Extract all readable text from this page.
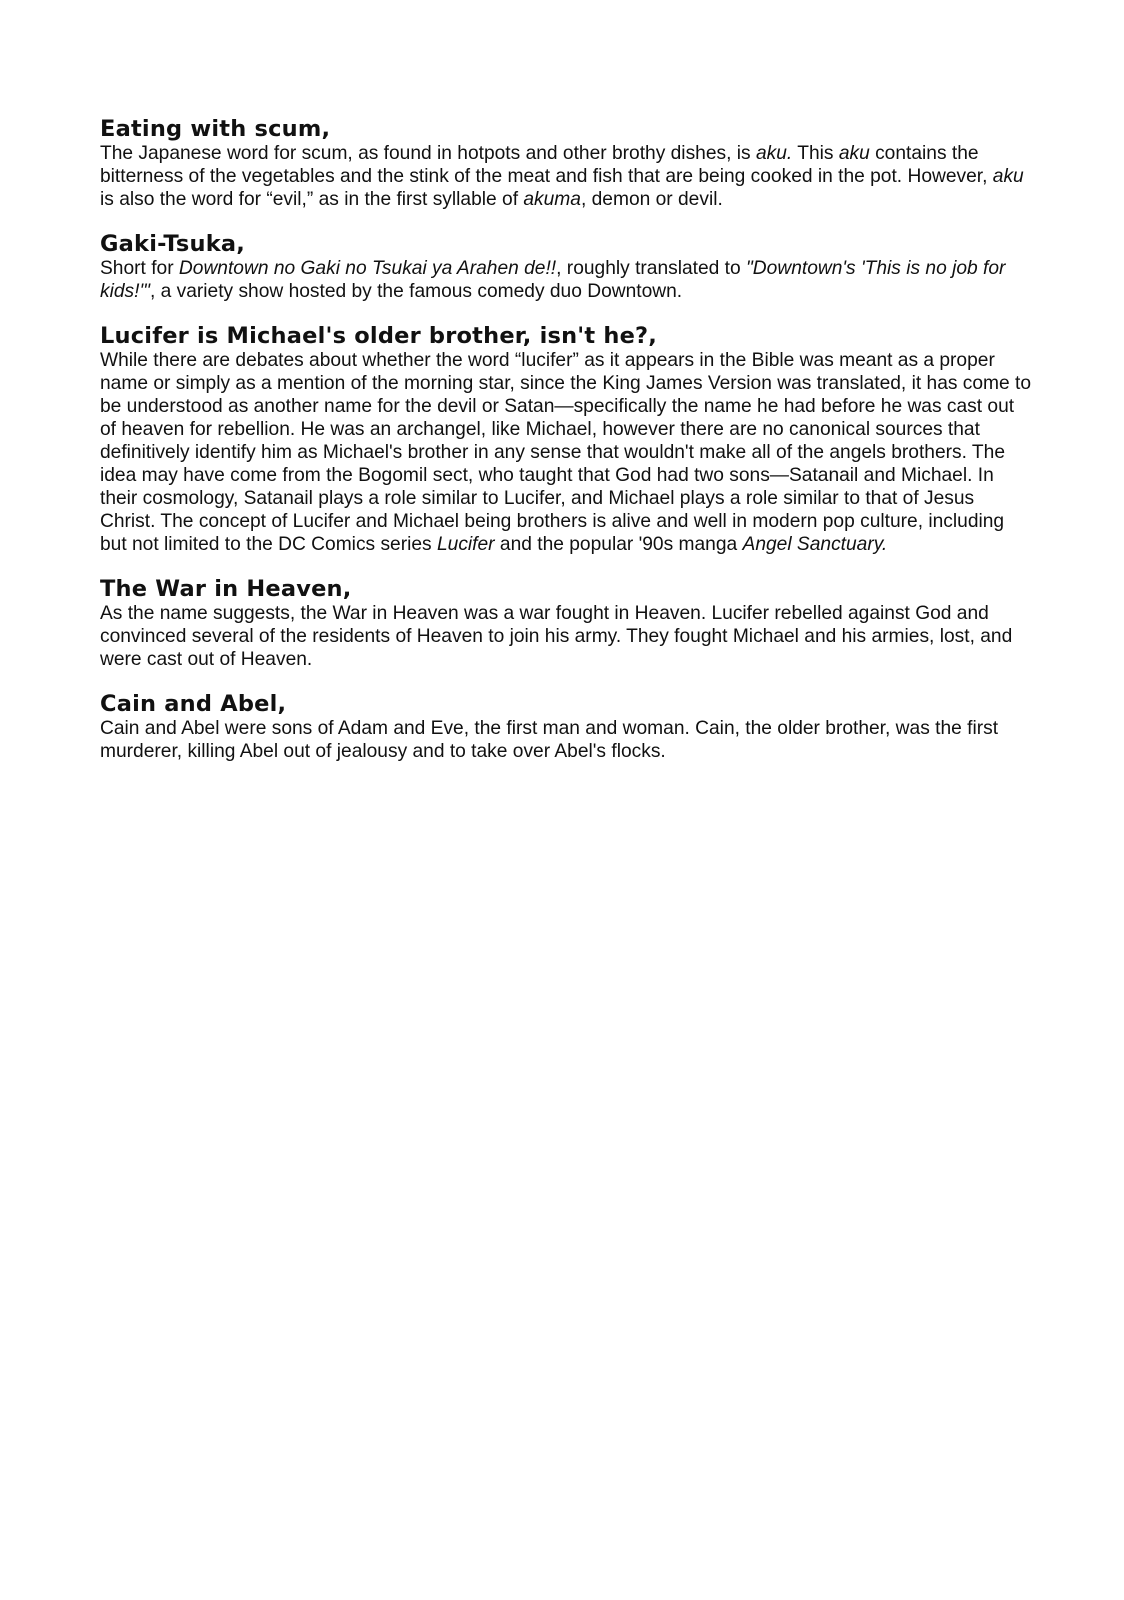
Eating with scum,

The Japanese word for scum, as found in hotpots and other brothy dishes, is aku. This aku contains the bitterness of the vegetables and the stink of the meat and fish that are being cooked in the pot. However, aku is also the word for “evil,” as in the first syllable of akuma, demon or devil.

Gaki-Tsuka,

Short for Downtown no Gaki no Tsukai ya Arahen de!!, roughly translated to "Downtown's 'This is no job for kids!'", a variety show hosted by the famous comedy duo Downtown.

Lucifer is Michael's older brother, isn't he?,

While there are debates about whether the word “lucifer” as it appears in the Bible was meant as a proper name or simply as a mention of the morning star, since the King James Version was translated, it has come to be understood as another name for the devil or Satan—specifically the name he had before he was cast out of heaven for rebellion. He was an archangel, like Michael, however there are no canonical sources that definitively identify him as Michael's brother in any sense that wouldn't make all of the angels brothers. The idea may have come from the Bogomil sect, who taught that God had two sons—Satanail and Michael. In their cosmology, Satanail plays a role similar to Lucifer, and Michael plays a role similar to that of Jesus Christ. The concept of Lucifer and Michael being brothers is alive and well in modern pop culture, including but not limited to the DC Comics series Lucifer and the popular '90s manga Angel Sanctuary.

The War in Heaven,

As the name suggests, the War in Heaven was a war fought in Heaven. Lucifer rebelled against God and convinced several of the residents of Heaven to join his army. They fought Michael and his armies, lost, and were cast out of Heaven.

Cain and Abel,

Cain and Abel were sons of Adam and Eve, the first man and woman. Cain, the older brother, was the first murderer, killing Abel out of jealousy and to take over Abel's flocks.
